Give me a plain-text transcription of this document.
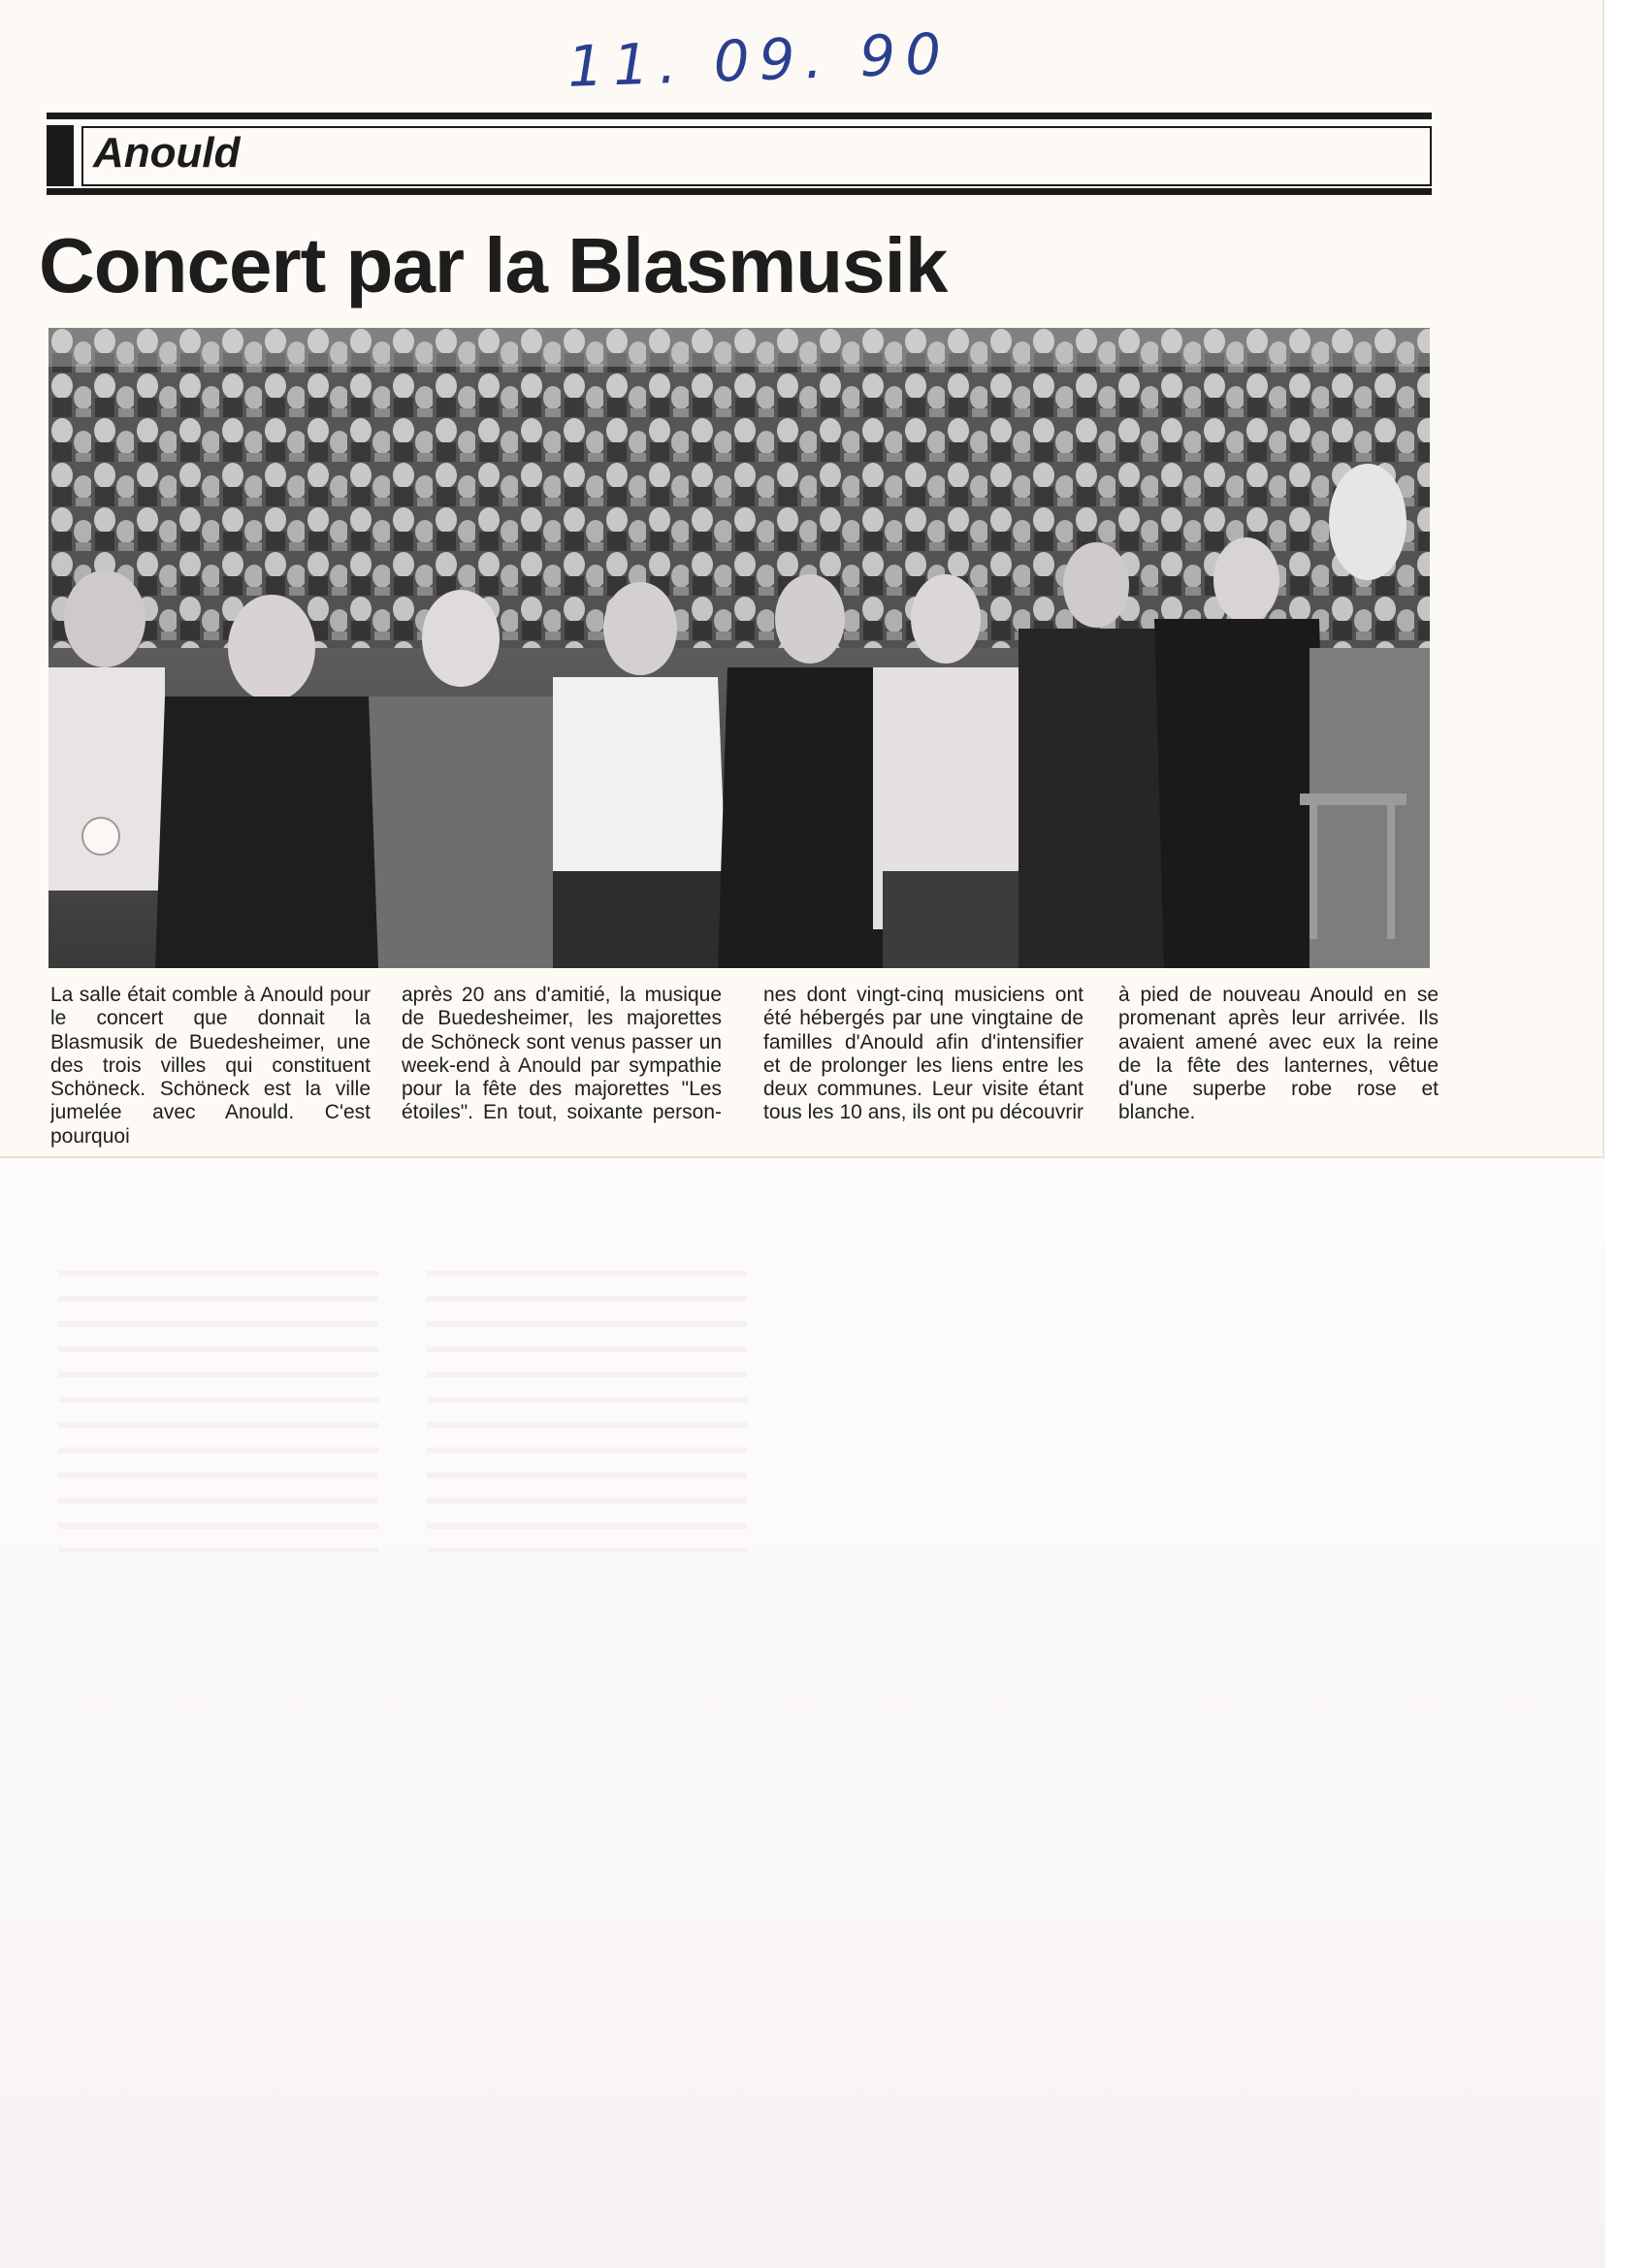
11. 09. 90
Anould
Concert par la Blasmusik
La salle était comble à Anould pour le concert que donnait la Blasmusik de Buedesheimer, une des trois villes qui constituent Schöneck. Schöneck est la ville jumelée avec Anould. C'est pourquoi
après 20 ans d'amitié, la musique de Buedesheimer, les majorettes de Schöneck sont venus passer un week-end à Anould par sympathie pour la fête des majorettes "Les étoiles". En tout, soixante person-
nes dont vingt-cinq musiciens ont été hébergés par une vingtaine de familles d'Anould afin d'intensifier et de prolonger les liens entre les deux communes. Leur visite étant tous les 10 ans, ils ont pu découvrir
à pied de nouveau Anould en se promenant après leur arrivée. Ils avaient amené avec eux la reine de la fête des lanternes, vêtue d'une superbe robe rose et blanche.
